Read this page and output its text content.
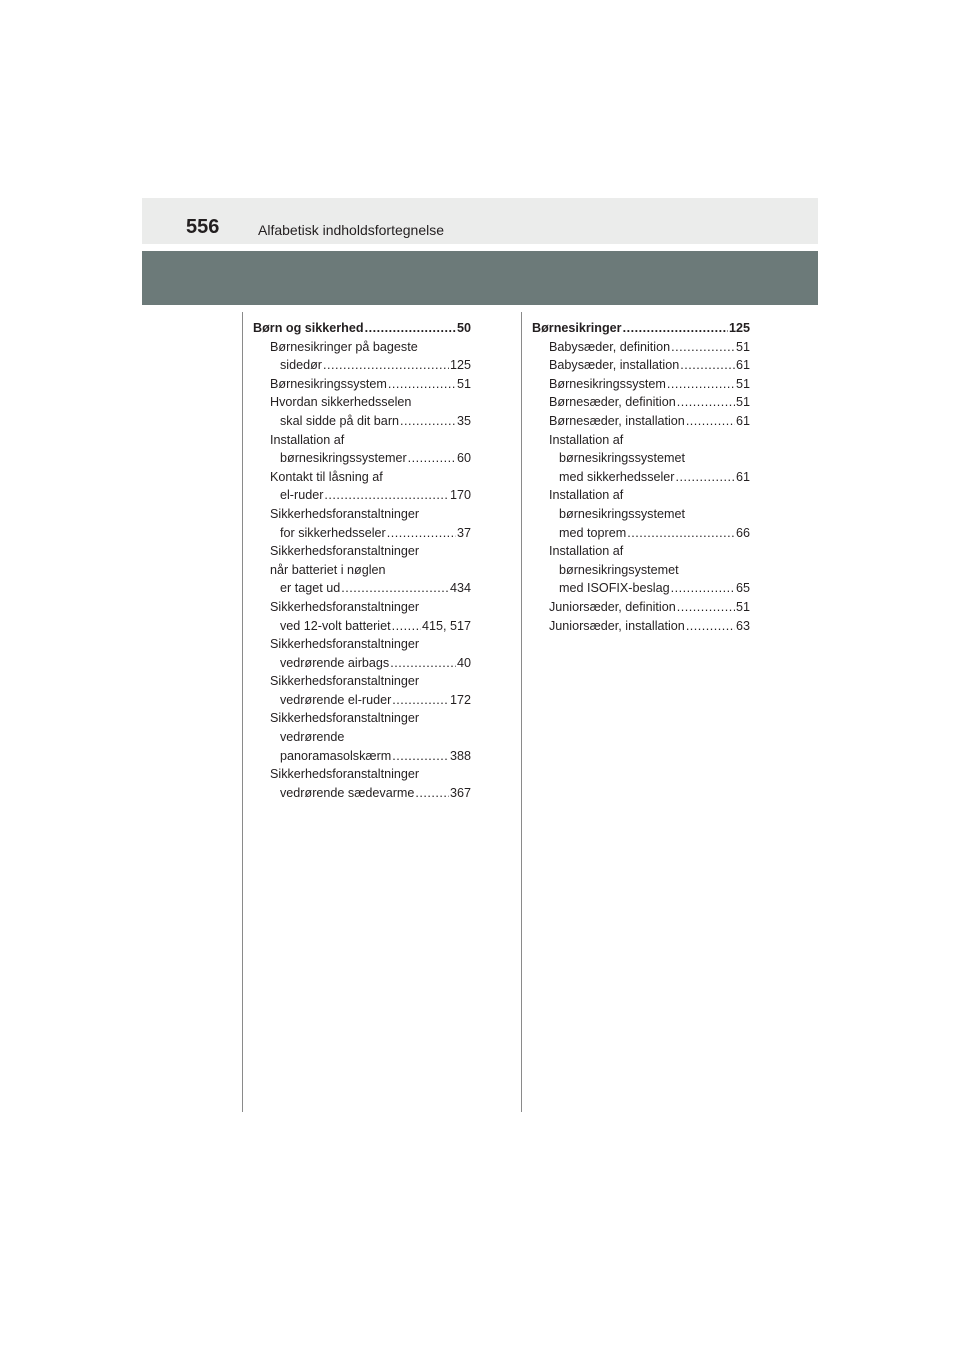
556	Alfabetisk indholdsfortegnelse
Børn og sikkerhed .....	50
Børnesikringer på bageste
sidedør .....	125
Børnesikringssystem .....	51
Hvordan sikkerhedsselen
skal sidde på dit barn .....	35
Installation af
børnesikringssystemer .....	60
Kontakt til låsning af
el-ruder .....	170
Sikkerhedsforanstaltninger
for sikkerhedsseler .....	37
Sikkerhedsforanstaltninger
når batteriet i nøglen
er taget ud .....	434
Sikkerhedsforanstaltninger
ved 12-volt batteriet ..... 415, 517
Sikkerhedsforanstaltninger
vedrørende airbags .....	40
Sikkerhedsforanstaltninger
vedrørende el-ruder .....	172
Sikkerhedsforanstaltninger
vedrørende
panoramasolskærm .....	388
Sikkerhedsforanstaltninger
vedrørende sædevarme .....	367
Børnesikringer .....	125
Babysæder, definition .....	51
Babysæder, installation .....	61
Børnesikringssystem .....	51
Børnesæder, definition .....	51
Børnesæder, installation .....	61
Installation af
børnesikringssystemet
med sikkerhedsseler .....	61
Installation af
børnesikringssystemet
med toprem .....	66
Installation af
børnesikringsystemet
med ISOFIX-beslag .....	65
Juniorsæder, definition .....	51
Juniorsæder, installation .....	63
